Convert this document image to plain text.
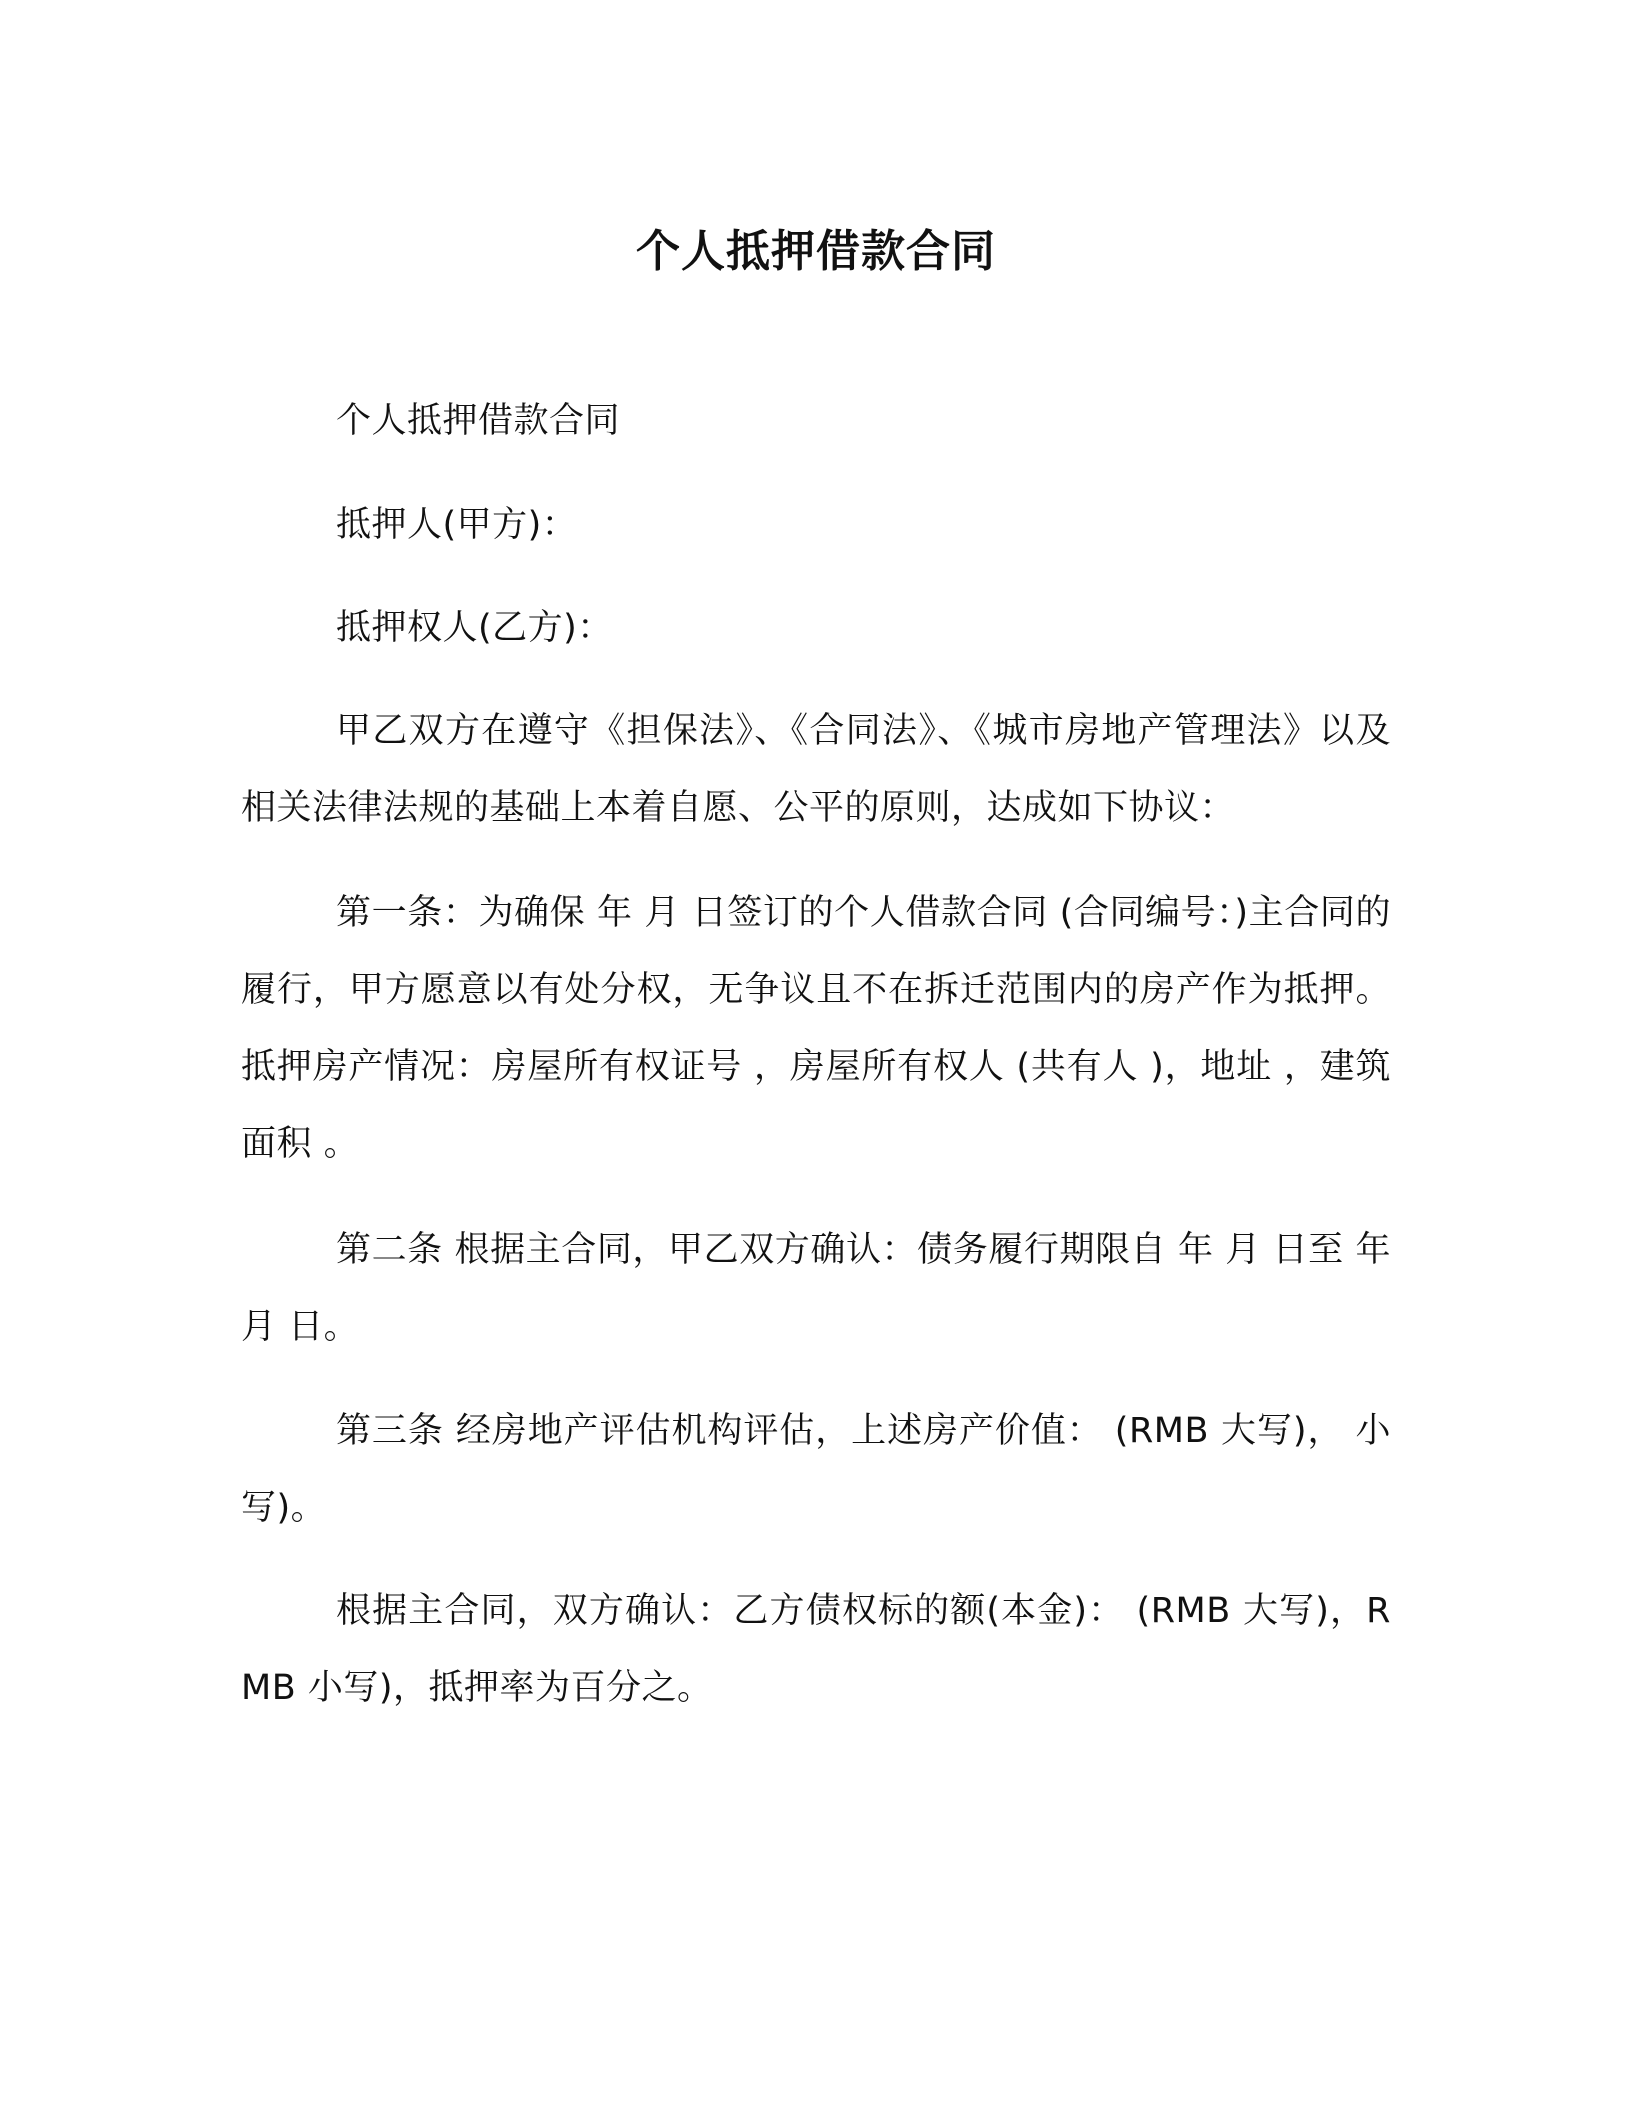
个人抵押借款合同

个人抵押借款合同

抵押人(甲方)：

抵押权人(乙方)：

甲乙双方在遵守《担保法》、《合同法》、《城市房地产管理法》以及相关法律法规的基础上本着自愿、公平的原则，达成如下协议：

第一条：为确保 年 月 日签订的个人借款合同 (合同编号：)主合同的履行，甲方愿意以有处分权，无争议且不在拆迁范围内的房产作为抵押。抵押房产情况：房屋所有权证号 ，房屋所有权人 (共有人 )，地址 ，建筑面积 。

第二条 根据主合同，甲乙双方确认：债务履行期限自 年 月 日至 年 月 日。

第三条 经房地产评估机构评估，上述房产价值： (RMB 大写)， 小写)。

根据主合同，双方确认：乙方债权标的额(本金)： (RMB 大写)，RMB 小写)，抵押率为百分之。
